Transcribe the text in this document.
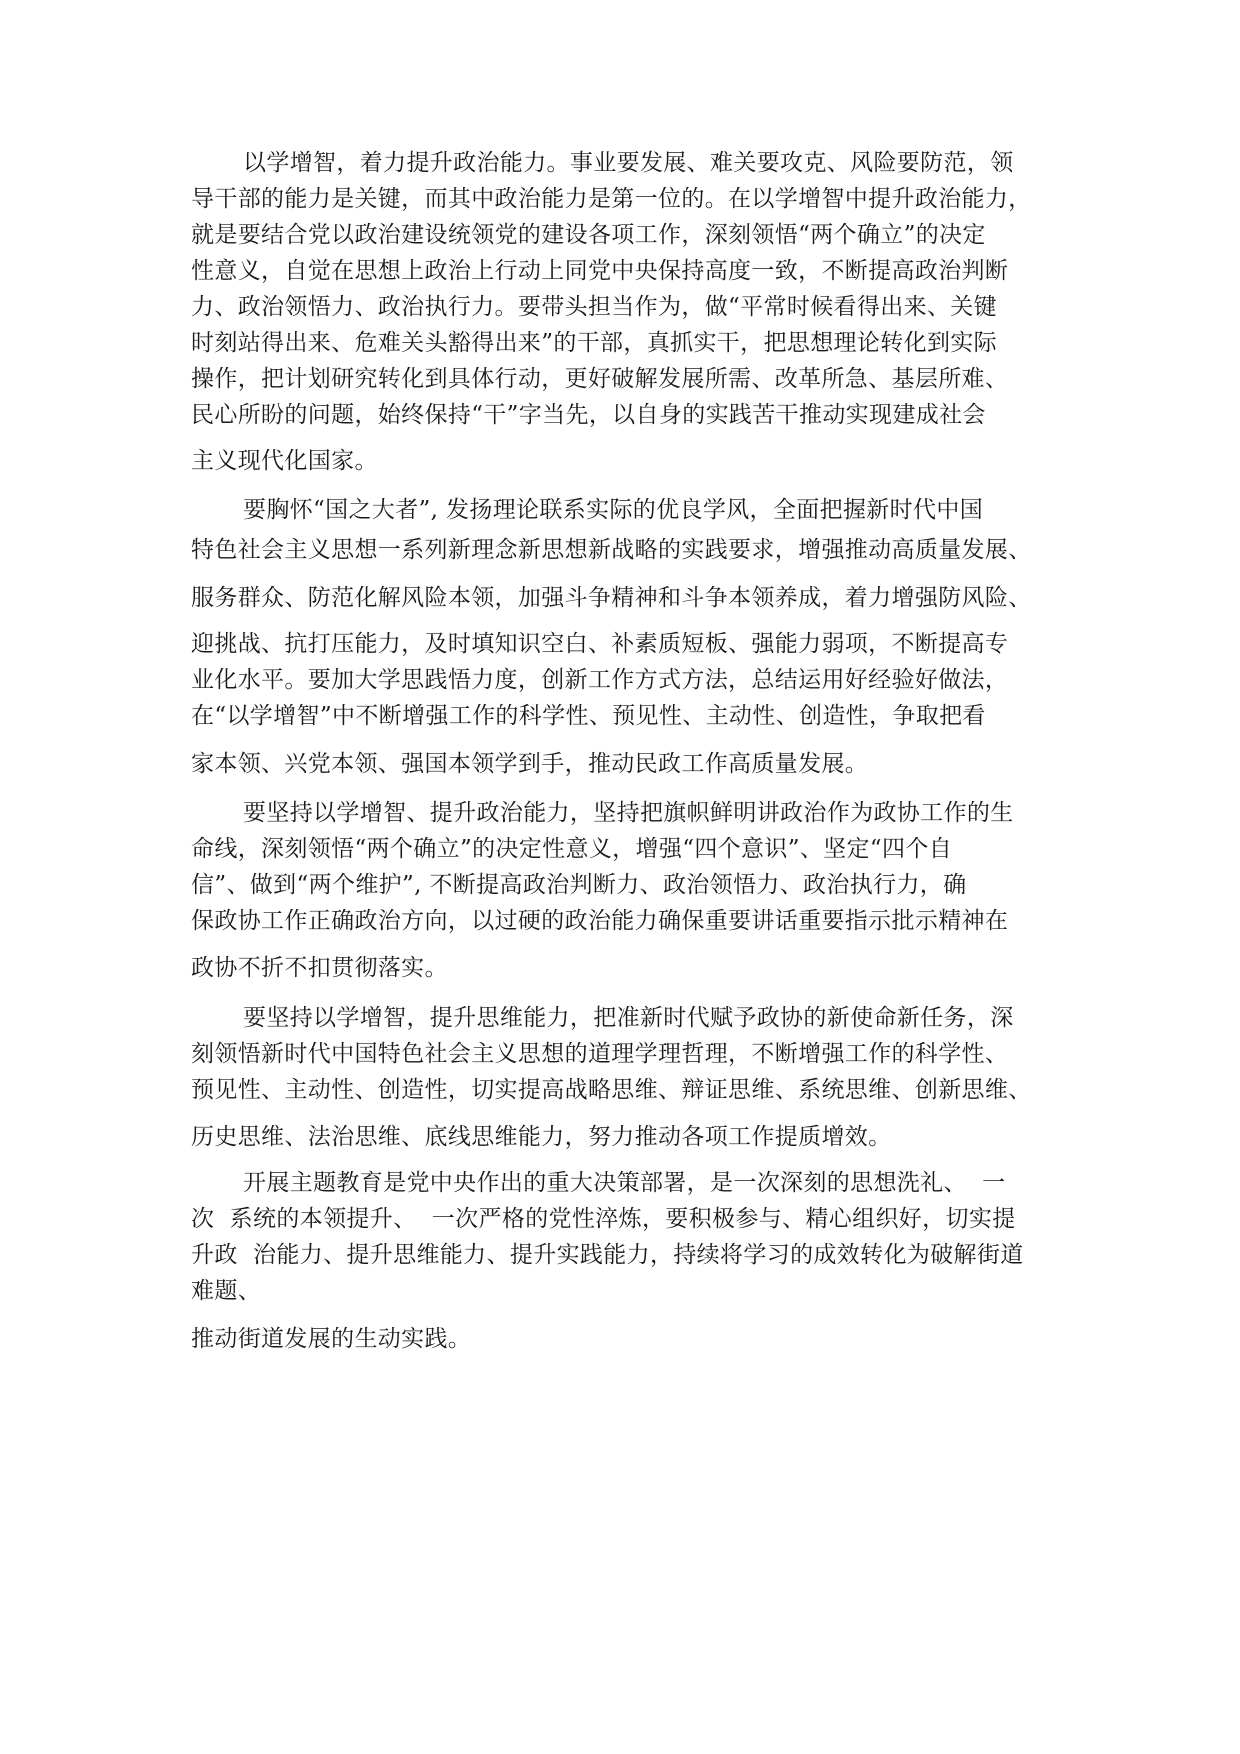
以学增智，着力提升政治能力。事业要发展、难关要攻克、风险要防范，领

导干部的能力是关键，而其中政治能力是第一位的。在以学增智中提升政治能力，

就是要结合党以政治建设统领党的建设各项工作，深刻领悟“两个确立”的决定

性意义，自觉在思想上政治上行动上同党中央保持高度一致，不断提高政治判断

力、政治领悟力、政治执行力。要带头担当作为，做“平常时候看得出来、关键

时刻站得出来、危难关头豁得出来”的干部，真抓实干，把思想理论转化到实际

操作，把计划研究转化到具体行动，更好破解发展所需、改革所急、基层所难、

民心所盼的问题，始终保持“干”字当先，以自身的实践苦干推动实现建成社会

主义现代化国家。

要胸怀“国之大者”, 发扬理论联系实际的优良学风，全面把握新时代中国

特色社会主义思想一系列新理念新思想新战略的实践要求，增强推动高质量发展、

服务群众、防范化解风险本领，加强斗争精神和斗争本领养成，着力增强防风险、

迎挑战、抗打压能力，及时填知识空白、补素质短板、强能力弱项，不断提高专

业化水平。要加大学思践悟力度，创新工作方式方法，总结运用好经验好做法，

在“以学增智”中不断增强工作的科学性、预见性、主动性、创造性，争取把看

家本领、兴党本领、强国本领学到手，推动民政工作高质量发展。

要坚持以学增智、提升政治能力，坚持把旗帜鲜明讲政治作为政协工作的生

命线，深刻领悟“两个确立”的决定性意义，增强“四个意识”、坚定“四个自

信”、做到“两个维护”, 不断提高政治判断力、政治领悟力、政治执行力，确

保政协工作正确政治方向，以过硬的政治能力确保重要讲话重要指示批示精神在

政协不折不扣贯彻落实。

要坚持以学增智，提升思维能力，把准新时代赋予政协的新使命新任务，深

刻领悟新时代中国特色社会主义思想的道理学理哲理，不断增强工作的科学性、

预见性、主动性、创造性，切实提高战略思维、辩证思维、系统思维、创新思维、

历史思维、法治思维、底线思维能力，努力推动各项工作提质增效。

开展主题教育是党中央作出的重大决策部署，是一次深刻的思想洗礼、  一

次  系统的本领提升、  一次严格的党性淬炼，要积极参与、精心组织好，切实提

升政  治能力、提升思维能力、提升实践能力，持续将学习的成效转化为破解街道

难题、

推动街道发展的生动实践。
